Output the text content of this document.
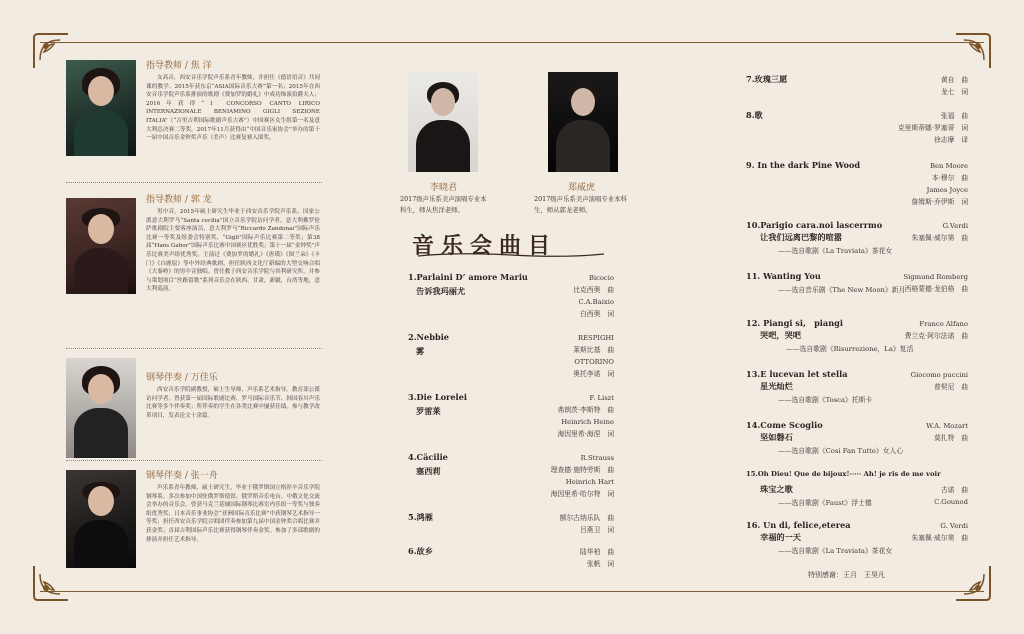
指导教师 / 焦 洋
女高音，西安音乐学院声乐系青年教师，并担任《德语语音》共同课的教学。2015年获东京“ASIA国际音乐大赛”第一名；2015年在西安音乐学院声乐系排演的歌剧《费加罗的婚礼》中成功饰演伯爵夫人；2016年获得“Ⅰ CONCORSO CANTO LIRICO INTERNAZIONALE BENIAMINO GIGLI SEZIONE ITALIA”（“吉里吉利国际歌剧声乐大赛”）中国赛区女生组第一名及意大利总决赛二等奖。2017年11月获得由“中国音乐家协会”举办的第十一届中国音乐金钟奖声乐（美声）比赛复赛入围奖。
指导教师 / 郭 龙
男中音，2015年硕士研究生毕业于西安音乐学院声乐系，国家公派意大利罗马“Santa cecilia”国立音乐学院访问学者，意大利佛罗伦萨歌剧院主要客座演员，意大利罗马“Riccardo Zandonai”国际声乐比赛一等奖及组委会特别奖，“Gigli”国际声乐比赛第二等奖；第38届“Hans Gabor”国际声乐比赛中国赛区优胜奖；第十一届“金钟奖”声乐比赛美声组优秀奖。主演过《费加罗的婚礼》《唐璜》《图兰朵》《卡门》《白鹿原》等中外经典歌剧，担任陕西文化厅新编的大型交响合唱《大秦岭》的男中音独唱。曾任教于西安音乐学院与其利研究所，并参与策划项目“丝路留歌”系列音乐会在陕西，甘肃，新疆，台湾等地，意大利巡演。
钢琴伴奏 / 万佳乐
西安音乐学院副教授，硕士生导师，声乐系艺术指导。教育部公派访问学者。曾获第一届国际歌剧比赛、罗马国际音乐节、韩国春川声乐比赛等多个伴奏奖；所伴奏的学生在各类比赛中屡获佳绩。参与教学改革项目，发表论文十余篇。
钢琴伴奏 / 张一舟
声乐系青年教师，硕士研究生，毕业于俄罗斯国立格涅辛音乐学院钢琴系。多次参加中国驻俄罗斯使馆、俄罗斯音乐电台、中俄文化交流会举办的音乐会。曾获马克兰基辅国际钢琴比赛室内乐组一等奖与独奏组优秀奖；日本音乐事业协会“亚洲国际音乐比赛”中获钢琴艺术指导一等奖；担任西安音乐学院合唱团伴奏参加第九届中国金钟奖合唱比赛并获金奖；首届吉利国际声乐比赛获得钢琴伴奏金奖。参加了多部歌剧的排演并担任艺术指导。
李晓君
2017级声乐系美声演唱专业本
科生，师从焦洋老师。
郑威虎
2017级声乐系美声演唱专业本科
生，师从郭龙老师。
音乐会曲目
1.Parlaini D’ amore Mariu
告诉我玛丽尤
Bicocio
比克西奥　曲
C.A.Baixio
白西奥　词
2.Nebbie
雾
RESPIGHI
莱斯比基　曲
OTTORINO
奥托李诺　词
3.Die Lorelei
罗雷莱
F. Liszt
弗朗茨·李斯特　曲
Heinrich Heine
海因里希·海涅　词
4.Cäcilie
塞西莉
R.Strauss
理查德·施特劳斯　曲
Heinrich Hart
海因里希·哈尔特　词
5.鸿雁	额尔古纳乐队　曲
吕燕卫　词
6.故乡	陆华柏　曲
张帆　词
7.玫瑰三愿	黄自　曲
龙七　词
8.歌	张福　曲
克里斯蒂娜·罗塞蒂　词
徐志摩　译
9. In the dark Pine Wood	Ben Moore
本·穆尔　曲
James Joyce
詹姆斯·乔伊斯　词
10.Parigio cara.noi lascerrmo
让我们远离巴黎的喧嚣
——选自歌剧《La Traviata》茶花女
G.Verdi
朱塞佩·威尔第　曲
11. Wanting You
——选自音乐剧《The New Moon》新月
Sigmund Romberg
西格蒙德·龙伯格　曲
12. Piangi si,　piangi
哭吧，哭吧
——选自歌剧《Risurrezione，La》复活
Franco Alfano
费兰克·阿尔法诺　曲
13.E lucevan let stella
星光灿烂
——选自歌剧《Tosca》托斯卡
Giocomo puccini
普契尼　曲
14.Come Scoglio
坚如磐石
——选自歌剧《Cosi Fan Tutte》女人心
W.A. Mozart
莫扎特　曲
15.Oh Dieu! Que de bijoux!····· Ah! je ris de me voir
珠宝之歌
——选自歌剧《Faust》浮士德
古诺　曲
C.Gounod
16. Un di, felice,eterea
幸福的一天
——选自歌剧《La Traviata》茶花女
G. Verdi
朱塞佩·威尔第　曲
特别感谢：王月　王昊凡
